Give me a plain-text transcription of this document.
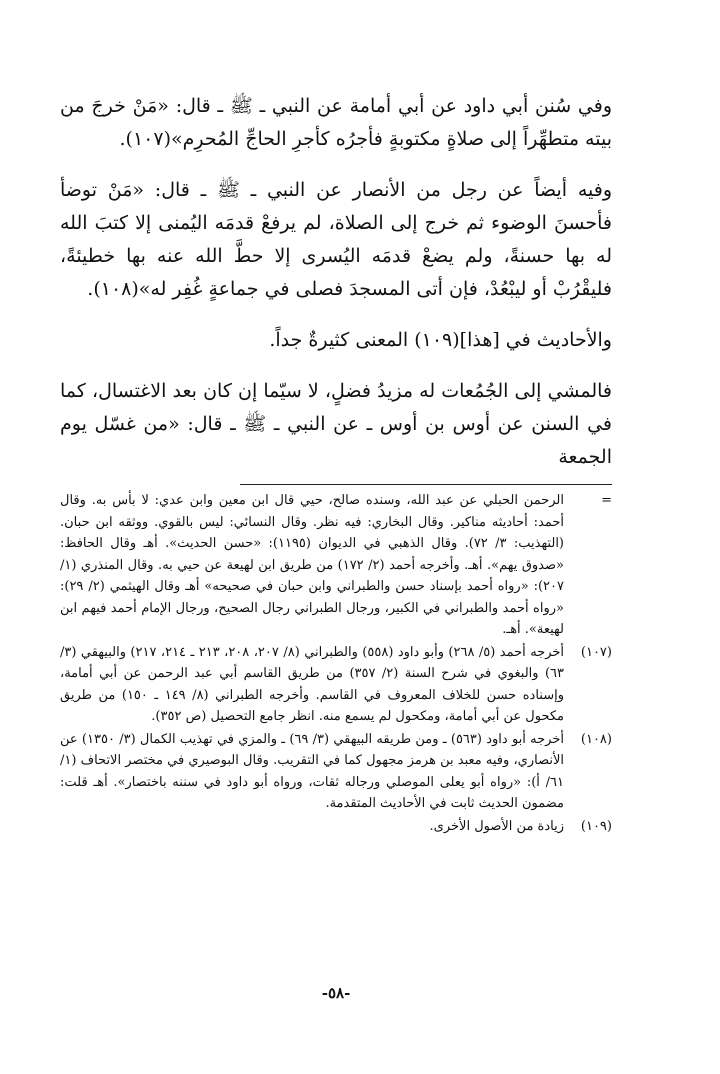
وفي سُنن أبي داود عن أبي أمامة عن النبي ـ ﷺ ـ قال: «مَنْ خرجَ من بيته متطهِّراً إلى صلاةٍ مكتوبةٍ فأجرُه كأجرِ الحاجِّ المُحرِم»(١٠٧).

وفيه أيضاً عن رجل من الأنصار عن النبي ـ ﷺ ـ قال: «مَنْ توضأ فأحسنَ الوضوء ثم خرج إلى الصلاة، لم يرفعْ قدمَه اليُمنى إلا كتبَ الله له بها حسنةً، ولم يضعْ قدمَه اليُسرى إلا حطَّ الله عنه بها خطيئةً، فليقْرُبْ أو ليبْعُدْ، فإن أتى المسجدَ فصلى في جماعةٍ غُفِر له»(١٠٨).

والأحاديث في [هذا](١٠٩) المعنى كثيرةٌ جداً.

فالمشي إلى الجُمُعات له مزيدُ فضلٍ، لا سيّما إن كان بعد الاغتسال، كما في السنن عن أوس بن أوس ـ عن النبي ـ ﷺ ـ قال: «من غسّل يوم الجمعة

=
الرحمن الحبلي عن عبد الله، وسنده صالح، حيي قال ابن معين وابن عدي: لا بأس به. وقال أحمد: أحاديثه مناكير. وقال البخاري: فيه نظر. وقال النسائي: ليس بالقوي. ووثقه ابن حبان. (التهذيب: ٣/ ٧٢). وقال الذهبي في الديوان (١١٩٥): «حسن الحديث». أهـ وقال الحافظ: «صدوق يهم». أهـ. وأخرجه أحمد (٢/ ١٧٢) من طريق ابن لهيعة عن حيي به. وقال المنذري (١/ ٢٠٧): «رواه أحمد بإسناد حسن والطبراني وابن حبان في صحيحه» أهـ وقال الهيثمي (٢/ ٢٩): «رواه أحمد والطبراني في الكبير، ورجال الطبراني رجال الصحيح، ورجال الإمام أحمد فيهم ابن لهيعة». أهـ.
(١٠٧)
أخرجه أحمد (٥/ ٢٦٨) وأبو داود (٥٥٨) والطبراني (٨/ ٢٠٧، ٢٠٨، ٢١٣ ـ ٢١٤، ٢١٧) والبيهقي (٣/ ٦٣) والبغوي في شرح السنة (٢/ ٣٥٧) من طريق القاسم أبي عبد الرحمن عن أبي أمامة، وإسناده حسن للخلاف المعروف في القاسم. وأخرجه الطبراني (٨/ ١٤٩ ـ ١٥٠) من طريق مكحول عن أبي أمامة، ومكحول لم يسمع منه. انظر جامع التحصيل (ص ٣٥٢).
(١٠٨)
أخرجه أبو داود (٥٦٣) ـ ومن طريقه البيهقي (٣/ ٦٩) ـ والمزي في تهذيب الكمال (٣/ ١٣٥٠) عن الأنصاري، وفيه معبد بن هرمز مجهول كما في التقريب. وقال البوصيري في مختصر الاتحاف (١/ ٦١/ أ): «رواه أبو يعلى الموصلي ورجاله ثقات، ورواه أبو داود في سننه باختصار». أهـ قلت: مضمون الحديث ثابت في الأحاديث المتقدمة.
(١٠٩)
زيادة من الأصول الأخرى.
-٥٨-
